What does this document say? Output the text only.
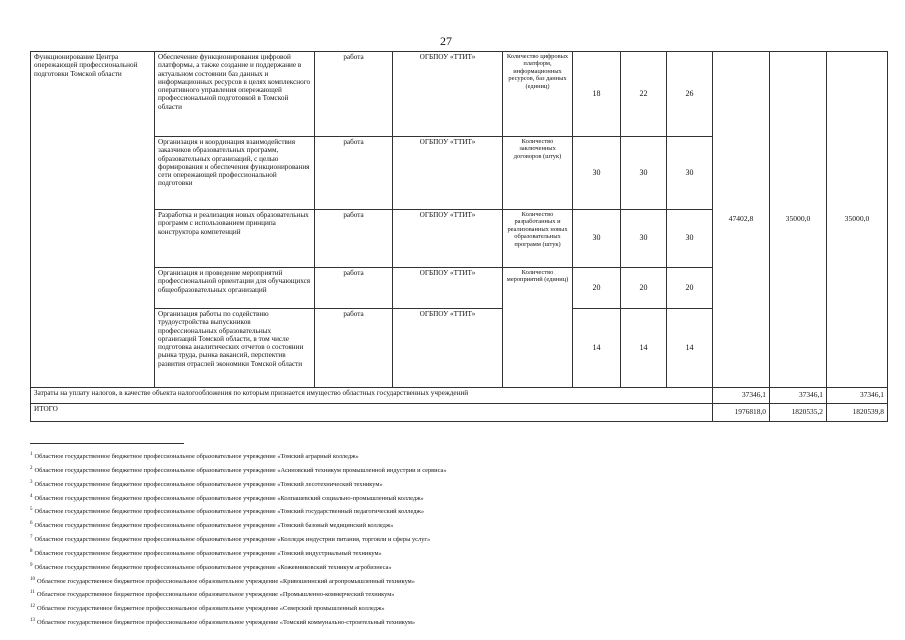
27
Функционирование Центра опережающей профессиональной подготовки Томской области	Обеспечение функционирования цифровой платформы, а также создание и поддержание в актуальном состоянии баз данных и информационных ресурсов в целях комплексного оперативного управления опережающей профессиональной подготовкой в Томской области	работа	ОГБПОУ «ТТИТ»	Количество цифровых платформ, информационных ресурсов, баз данных (единиц)	18	22	26	47402,8	35000,0	35000,0
	Организация и координация взаимодействия заказчиков образовательных программ, образовательных организаций, с целью формирования и обеспечения функционирования сети опережающей профессиональной подготовки	работа	ОГБПОУ «ТТИТ»	Количество заключенных договоров (штук)	30	30	30			
	Разработка и реализация новых образовательных программ с использованием принципа конструктора компетенций	работа	ОГБПОУ «ТТИТ»	Количество разработанных и реализованных новых образовательных программ (штук)	30	30	30			
	Организация и проведение мероприятий профессиональной ориентации для обучающихся общеобразовательных организаций	работа	ОГБПОУ «ТТИТ»	Количество мероприятий (единиц)	20	20	20			
	Организация работы по содействию трудоустройства выпускников профессиональных образовательных организаций Томской области, в том числе подготовка аналитических отчетов о состоянии рынка труда, рынка вакансий, перспектив развития отраслей экономики Томской области	работа	ОГБПОУ «ТТИТ»		14	14	14			
Затраты на уплату налогов, в качестве объекта налогообложения по которым признается имущество областных государственных учреждений								37346,1	37346,1	37346,1
ИТОГО								1976818,0	1820535,2	1820539,8
$^1$ Областное государственное бюджетное профессиональное образовательное учреждение «Томский аграрный колледж»
$^2$ Областное государственное бюджетное профессиональное образовательное учреждение «Асиновский техникум промышленной индустрии и сервиса»
$^3$ Областное государственное бюджетное профессиональное образовательное учреждение «Томский лесотехнический техникум»
$^4$ Областное государственное бюджетное профессиональное образовательное учреждение «Колпашевский социально-промышленный колледж»
$^5$ Областное государственное бюджетное профессиональное образовательное учреждение «Томский государственный педагогический колледж»
$^6$ Областное государственное бюджетное профессиональное образовательное учреждение «Томский базовый медицинский колледж»
$^7$ Областное государственное бюджетное профессиональное образовательное учреждение «Колледж индустрии питания, торговли и сферы услуг»
$^8$ Областное государственное бюджетное профессиональное образовательное учреждение «Томский индустриальный техникум»
$^9$ Областное государственное бюджетное профессиональное образовательное учреждение «Кожевниковский техникум агробизнеса»
$^{10}$ Областное государственное бюджетное профессиональное образовательное учреждение «Кривошеинский агропромышленный техникум»
$^{11}$ Областное государственное бюджетное профессиональное образовательное учреждение «Промышленно-коммерческий техникум»
$^{12}$ Областное государственное бюджетное профессиональное образовательное учреждение «Северский промышленный колледж»
$^{13}$ Областное государственное бюджетное профессиональное образовательное учреждение «Томский коммунально-строительный техникум»
